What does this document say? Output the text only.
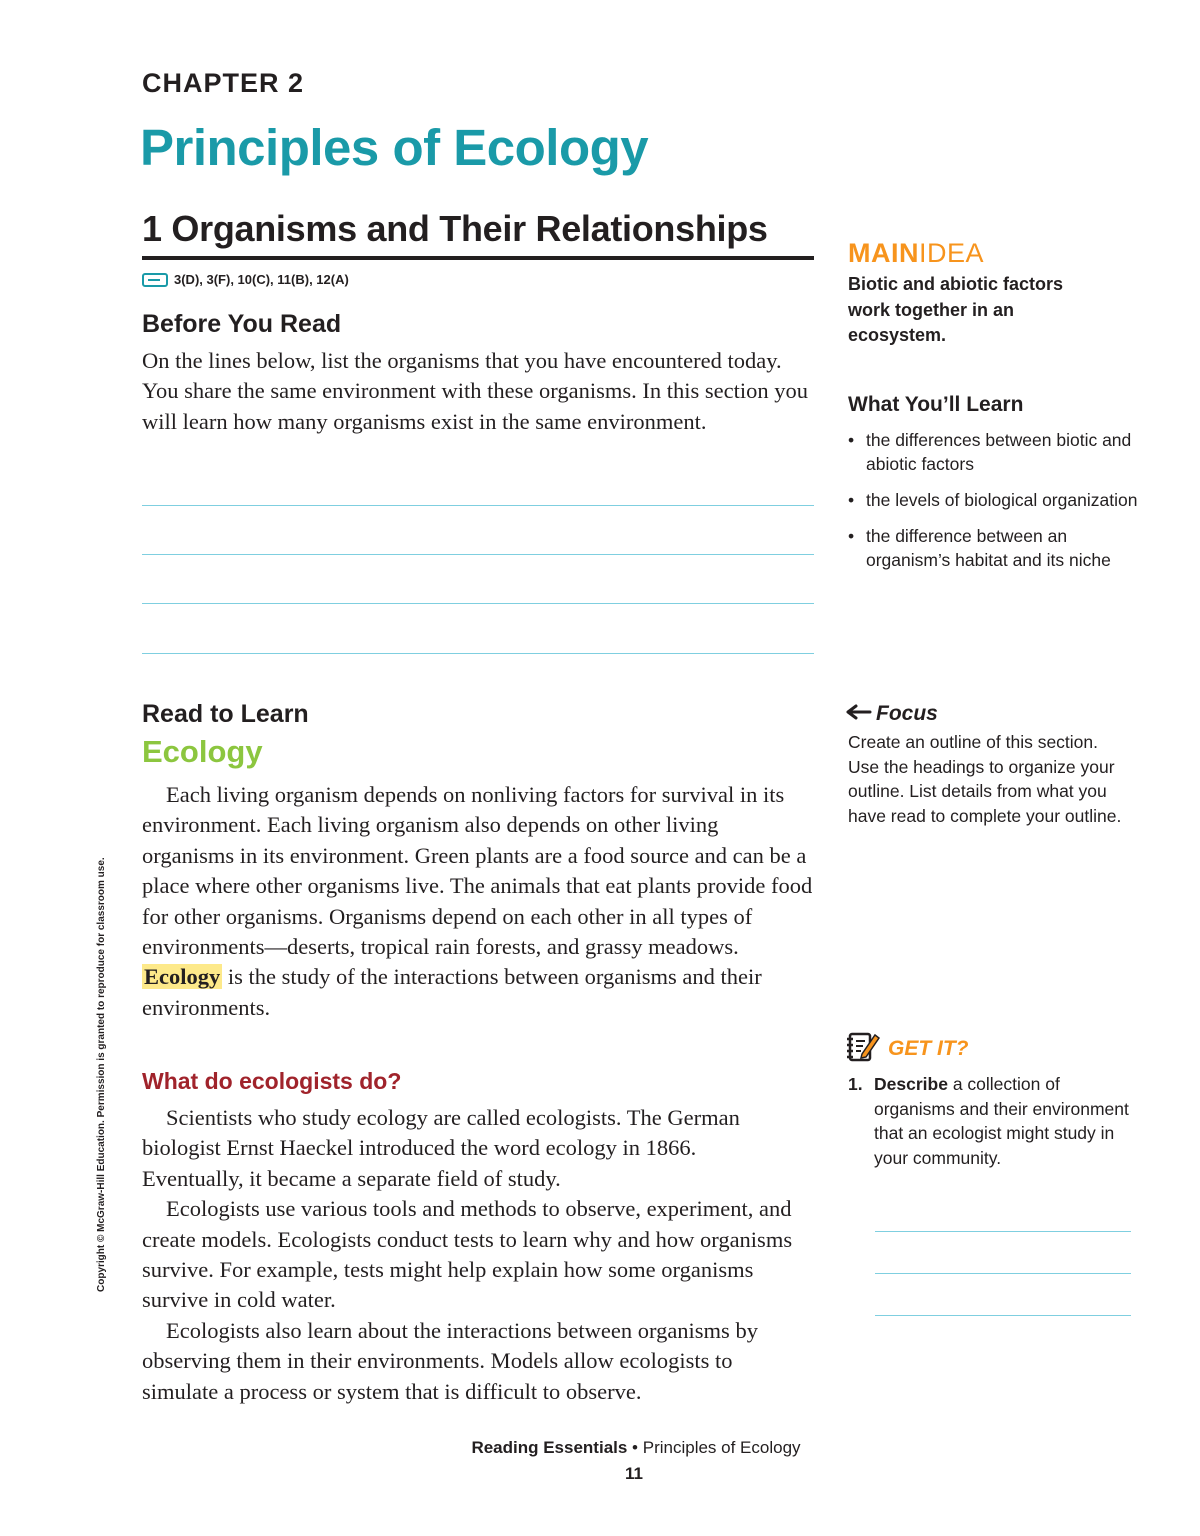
CHAPTER 2
Principles of Ecology
1 Organisms and Their Relationships
3(D), 3(F), 10(C), 11(B), 12(A)
Before You Read
On the lines below, list the organisms that you have encountered today. You share the same environment with these organisms. In this section you will learn how many organisms exist in the same environment.
Read to Learn
Ecology

Each living organism depends on nonliving factors for survival in its environment. Each living organism also depends on other living organisms in its environment. Green plants are a food source and can be a place where other organisms live. The animals that eat plants provide food for other organisms. Organisms depend on each other in all types of environments—deserts, tropical rain forests, and grassy meadows. Ecology is the study of the interactions between organisms and their environments.

What do ecologists do?

Scientists who study ecology are called ecologists. The German biologist Ernst Haeckel introduced the word ecology in 1866.

Eventually, it became a separate field of study.

Ecologists use various tools and methods to observe, experiment, and create models. Ecologists conduct tests to learn why and how organisms survive. For example, tests might help explain how some organisms survive in cold water.

Ecologists also learn about the interactions between organisms by observing them in their environments. Models allow ecologists to simulate a process or system that is difficult to observe.

MAINIDEA
Biotic and abiotic factors work together in an ecosystem.
What You’ll Learn
• the differences between biotic and abiotic factors
• the levels of biological organization
• the difference between an organism’s habitat and its niche
Focus
Create an outline of this section. Use the headings to organize your outline. List details from what you have read to complete your outline.
GET IT?
1. Describe a collection of organisms and their environment that an ecologist might study in your community.
Copyright © McGraw-Hill Education. Permission is granted to reproduce for classroom use.
Reading Essentials • Principles of Ecology
11
